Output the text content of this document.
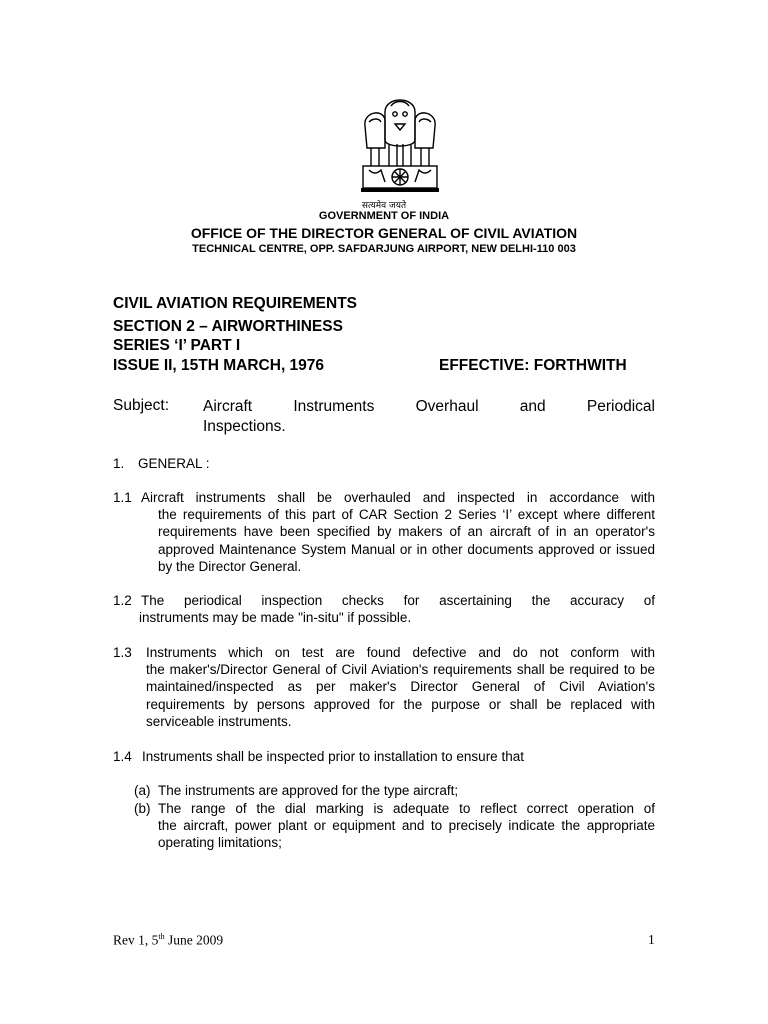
सत्यमेव जयते
GOVERNMENT OF INDIA
OFFICE OF THE DIRECTOR GENERAL OF CIVIL AVIATION
TECHNICAL CENTRE, OPP. SAFDARJUNG AIRPORT, NEW DELHI-110 003
CIVIL AVIATION REQUIREMENTS
SECTION 2 – AIRWORTHINESS
SERIES ‘I’ PART I
ISSUE II, 15TH MARCH, 1976	EFFECTIVE: FORTHWITH
Subject: Aircraft Instruments Overhaul and Periodical
Inspections.
1. GENERAL :
1.1 Aircraft instruments shall be overhauled and inspected in accordance with
the requirements of this part of CAR Section 2 Series ‘I’ except where different requirements have been specified by makers of an aircraft of in an operator's approved Maintenance System Manual or in other documents approved or issued by the Director General.
1.2 The periodical inspection checks for ascertaining the accuracy of
instruments may be made "in-situ" if possible.
1.3 Instruments which on test are found defective and do not conform with
the maker's/Director General of Civil Aviation's requirements shall be required to be maintained/inspected as per maker's Director General of Civil Aviation's requirements by persons approved for the purpose or shall be replaced with serviceable instruments.
1.4 Instruments shall be inspected prior to installation to ensure that
(a) The instruments are approved for the type aircraft;
(b) The range of the dial marking is adequate to reflect correct operation of
the aircraft, power plant or equipment and to precisely indicate the appropriate operating limitations;
Rev 1, 5th June 2009	1
